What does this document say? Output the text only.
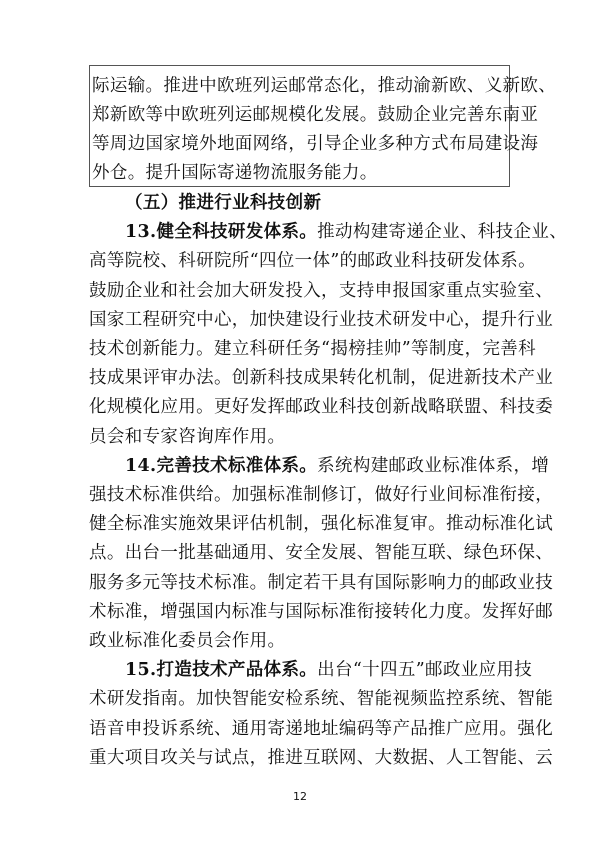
际运输。推进中欧班列运邮常态化，推动渝新欧、义新欧、
郑新欧等中欧班列运邮规模化发展。鼓励企业完善东南亚
等周边国家境外地面网络，引导企业多种方式布局建设海
外仓。提升国际寄递物流服务能力。
（五）推进行业科技创新
13.健全科技研发体系。推动构建寄递企业、科技企业、
高等院校、科研院所“四位一体”的邮政业科技研发体系。
鼓励企业和社会加大研发投入，支持申报国家重点实验室、
国家工程研究中心，加快建设行业技术研发中心，提升行业
技术创新能力。建立科研任务“揭榜挂帅”等制度，完善科
技成果评审办法。创新科技成果转化机制，促进新技术产业
化规模化应用。更好发挥邮政业科技创新战略联盟、科技委
员会和专家咨询库作用。
14.完善技术标准体系。系统构建邮政业标准体系，增
强技术标准供给。加强标准制修订，做好行业间标准衔接，
健全标准实施效果评估机制，强化标准复审。推动标准化试
点。出台一批基础通用、安全发展、智能互联、绿色环保、
服务多元等技术标准。制定若干具有国际影响力的邮政业技
术标准，增强国内标准与国际标准衔接转化力度。发挥好邮
政业标准化委员会作用。
15.打造技术产品体系。出台“十四五”邮政业应用技
术研发指南。加快智能安检系统、智能视频监控系统、智能
语音申投诉系统、通用寄递地址编码等产品推广应用。强化
重大项目攻关与试点，推进互联网、大数据、人工智能、云
12
